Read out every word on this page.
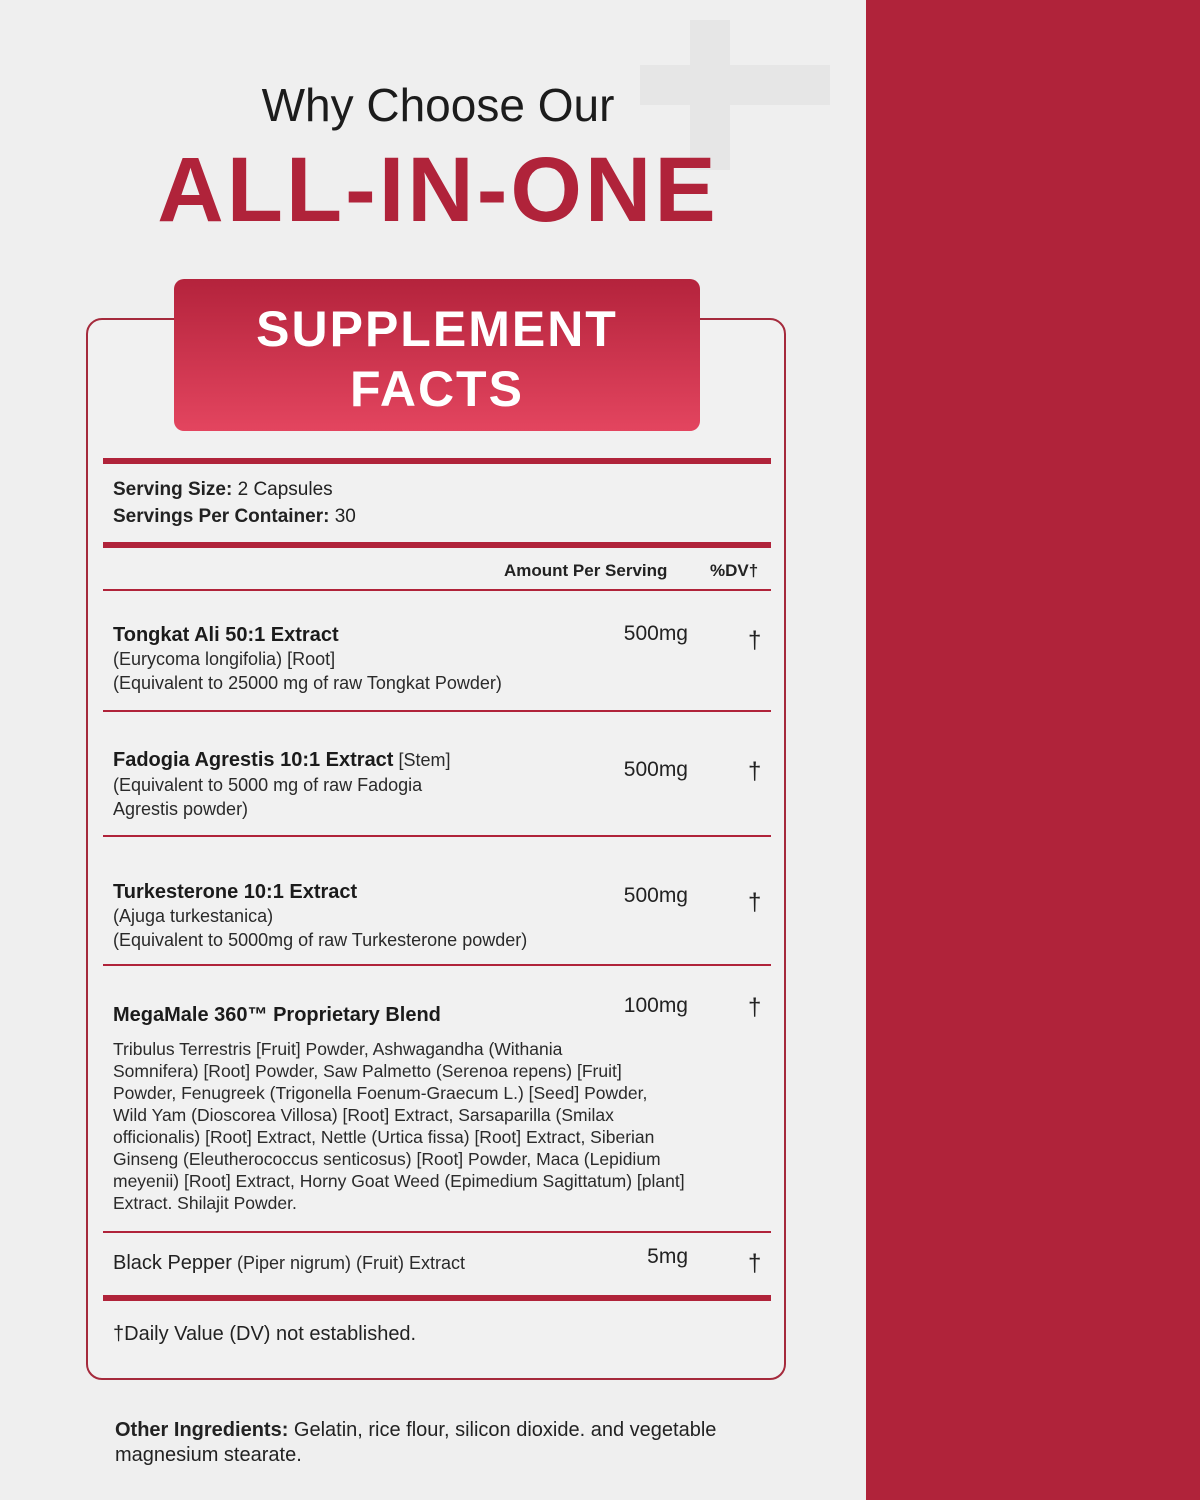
Why Choose Our
ALL-IN-ONE
SUPPLEMENT
FACTS
Serving Size: 2 Capsules
Servings Per Container: 30
Amount Per Serving	%DV†
Tongkat Ali 50:1 Extract
(Eurycoma longifolia) [Root]
(Equivalent to 25000 mg of raw Tongkat Powder)
500mg	†
Fadogia Agrestis 10:1 Extract [Stem]
(Equivalent to 5000 mg of raw Fadogia
Agrestis powder)
500mg	†
Turkesterone 10:1 Extract
(Ajuga turkestanica)
(Equivalent to 5000mg of raw Turkesterone powder)
500mg	†
MegaMale 360™ Proprietary Blend	100mg	†
Tribulus Terrestris [Fruit] Powder, Ashwagandha (Withania
Somnifera) [Root] Powder, Saw Palmetto (Serenoa repens) [Fruit]
Powder, Fenugreek (Trigonella Foenum-Graecum L.) [Seed] Powder,
Wild Yam (Dioscorea Villosa) [Root] Extract, Sarsaparilla (Smilax
officionalis) [Root] Extract, Nettle (Urtica fissa) [Root] Extract, Siberian
Ginseng (Eleutherococcus senticosus) [Root] Powder, Maca (Lepidium
meyenii) [Root] Extract, Horny Goat Weed (Epimedium Sagittatum) [plant]
Extract. Shilajit Powder.
Black Pepper (Piper nigrum) (Fruit) Extract	5mg	†
†Daily Value (DV) not established.
Other Ingredients: Gelatin, rice flour, silicon dioxide. and vegetable
magnesium stearate.
